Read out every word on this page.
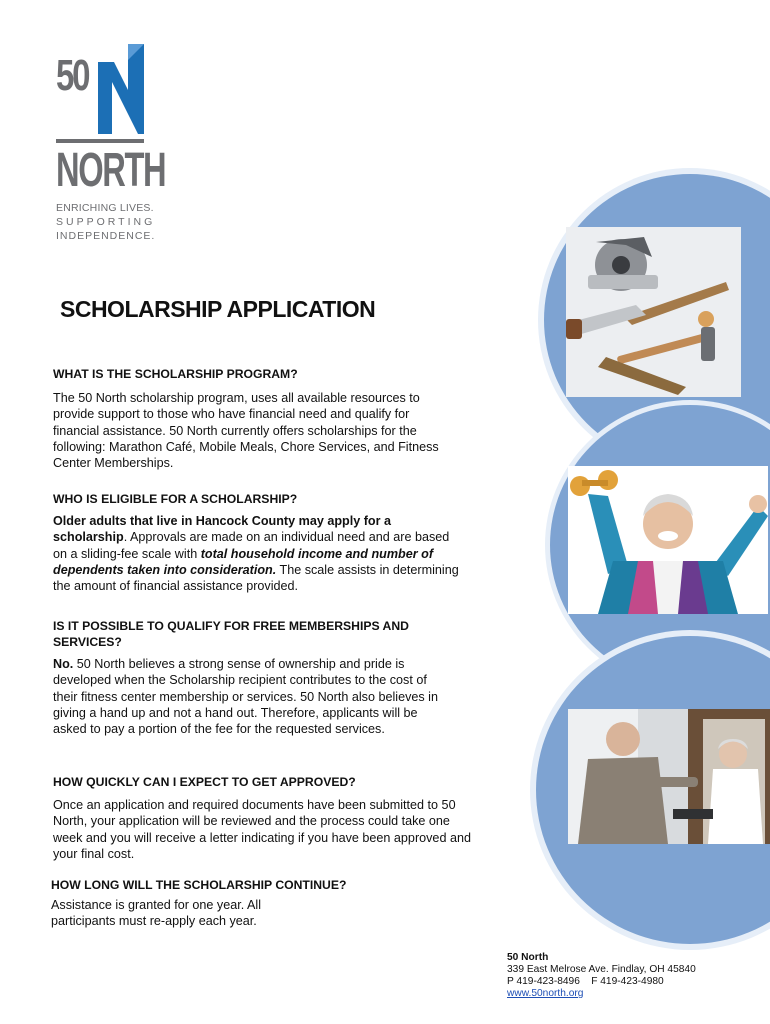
50
NORTH
ENRICHING LIVES.
SUPPORTING
INDEPENDENCE.
SCHOLARSHIP APPLICATION
WHAT IS THE SCHOLARSHIP PROGRAM?

The 50 North scholarship program, uses all available resources to
provide support to those who have financial need and qualify for
financial assistance. 50 North currently offers scholarships for the
following: Marathon Café, Mobile Meals, Chore Services, and Fitness
Center Memberships.

WHO IS ELIGIBLE FOR A SCHOLARSHIP?

Older adults that live in Hancock County may apply for a scholarship. Approvals are made on an individual need and are based on a sliding-fee scale with total household income and number of dependents taken into consideration. The scale assists in determining the amount of financial assistance provided.

IS IT POSSIBLE TO QUALIFY FOR FREE MEMBERSHIPS AND SERVICES?

No. 50 North believes a strong sense of ownership and pride is developed when the Scholarship recipient contributes to the cost of their fitness center membership or services. 50 North also believes in giving a hand up and not a hand out. Therefore, applicants will be asked to pay a portion of the fee for the requested services.

HOW QUICKLY CAN I EXPECT TO GET APPROVED?

Once an application and required documents have been submitted to 50 North, your application will be reviewed and the process could take one week and you will receive a letter indicating if you have been approved and your final cost.

HOW LONG WILL THE SCHOLARSHIP CONTINUE?

Assistance is granted for one year. All participants must re-apply each year.

50 North
339 East Melrose Ave. Findlay, OH 45840
P 419-423-8496    F 419-423-4980
www.50north.org
